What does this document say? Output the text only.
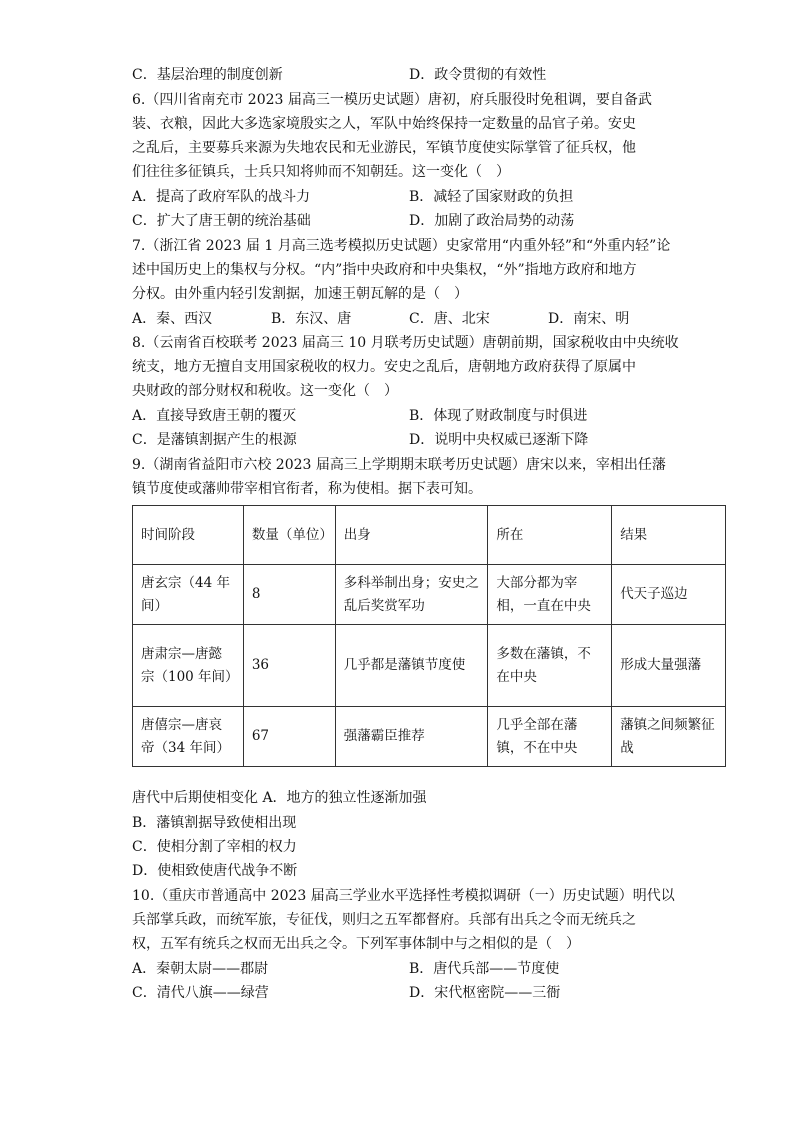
C．基层治理的制度创新	D．政令贯彻的有效性
6.（四川省南充市 2023 届高三一模历史试题）唐初，府兵服役时免租调，要自备武
装、衣粮，因此大多选家境殷实之人，军队中始终保持一定数量的品官子弟。安史
之乱后，主要募兵来源为失地农民和无业游民，军镇节度使实际掌管了征兵权，他
们往往多征镇兵，士兵只知将帅而不知朝廷。这一变化（　）
A．提高了政府军队的战斗力	B．减轻了国家财政的负担
C．扩大了唐王朝的统治基础	D．加剧了政治局势的动荡
7.（浙江省 2023 届 1 月高三选考模拟历史试题）史家常用“内重外轻”和“外重内轻”论
述中国历史上的集权与分权。“内”指中央政府和中央集权，“外”指地方政府和地方
分权。由外重内轻引发割据，加速王朝瓦解的是（　）
A．秦、西汉	B．东汉、唐	C．唐、北宋	D．南宋、明
8.（云南省百校联考 2023 届高三 10 月联考历史试题）唐朝前期，国家税收由中央统收
统支，地方无擅自支用国家税收的权力。安史之乱后，唐朝地方政府获得了原属中
央财政的部分财权和税收。这一变化（　）
A．直接导致唐王朝的覆灭	B．体现了财政制度与时俱进
C．是藩镇割据产生的根源	D．说明中央权威已逐渐下降
9.（湖南省益阳市六校 2023 届高三上学期期末联考历史试题）唐宋以来，宰相出任藩
镇节度使或藩帅带宰相官衔者，称为使相。据下表可知。
时间阶段	数量（单位）	出身	所在	结果
唐玄宗（44 年间）	8	多科举制出身；安史之乱后奖赏军功	大部分都为宰相，一直在中央	代天子巡边
唐肃宗—唐懿宗（100 年间）	36	几乎都是藩镇节度使	多数在藩镇，不在中央	形成大量强藩
唐僖宗—唐哀帝（34 年间）	67	强藩霸臣推荐	几乎全部在藩镇，不在中央	藩镇之间频繁征战
唐代中后期使相变化 A．地方的独立性逐渐加强
B．藩镇割据导致使相出现
C．使相分割了宰相的权力
D．使相致使唐代战争不断
10.（重庆市普通高中 2023 届高三学业水平选择性考模拟调研（一）历史试题）明代以
兵部掌兵政，而统军旅，专征伐，则归之五军都督府。兵部有出兵之令而无统兵之
权，五军有统兵之权而无出兵之令。下列军事体制中与之相似的是（　）
A．秦朝太尉——郡尉	B．唐代兵部——节度使
C．清代八旗——绿营	D．宋代枢密院——三衙
